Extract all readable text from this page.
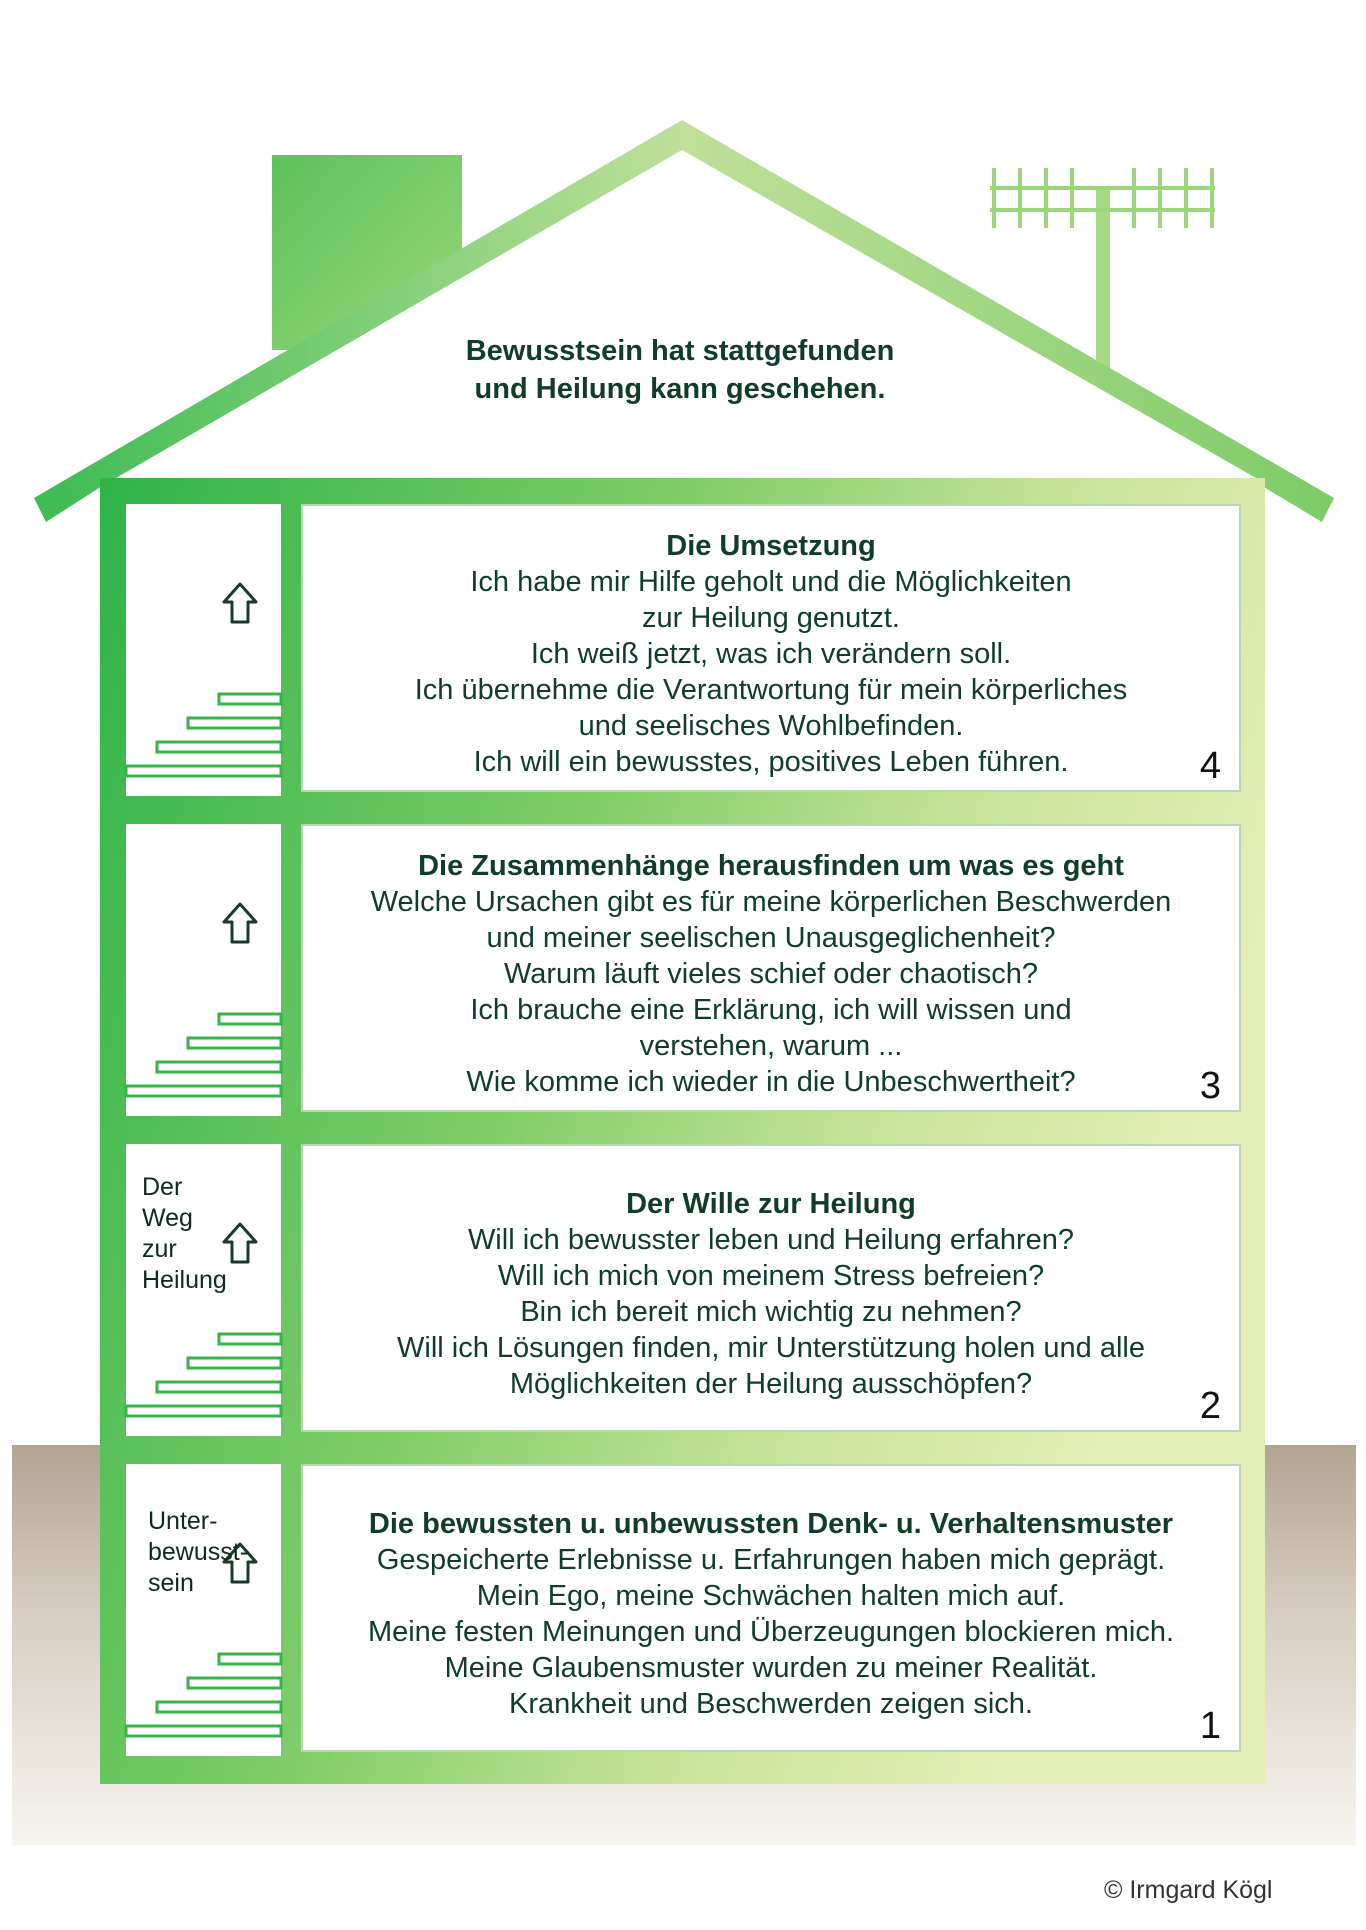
Bewusstsein hat stattgefunden
und Heilung kann geschehen.
Die Umsetzung
Ich habe mir Hilfe geholt und die Möglichkeiten
zur Heilung genutzt.
Ich weiß jetzt, was ich verändern soll.
Ich übernehme die Verantwortung für mein körperliches
und seelisches Wohlbefinden.
Ich will ein bewusstes, positives Leben führen.	4
Die Zusammenhänge herausfinden um was es geht
Welche Ursachen gibt es für meine körperlichen Beschwerden
und meiner seelischen Unausgeglichenheit?
Warum läuft vieles schief oder chaotisch?
Ich brauche eine Erklärung, ich will wissen und
verstehen, warum ...
Wie komme ich wieder in die Unbeschwertheit?	3
Der Wille zur Heilung
Will ich bewusster leben und Heilung erfahren?
Will ich mich von meinem Stress befreien?
Bin ich bereit mich wichtig zu nehmen?
Will ich Lösungen finden, mir Unterstützung holen und alle
Möglichkeiten der Heilung ausschöpfen?
2
Die bewussten u. unbewussten Denk- u. Verhaltensmuster
Gespeicherte Erlebnisse u. Erfahrungen haben mich geprägt.
Mein Ego, meine Schwächen halten mich auf.
Meine festen Meinungen und Überzeugungen blockieren mich.
Meine Glaubensmuster wurden zu meiner Realität.
Krankheit und Beschwerden zeigen sich.
1
Der
Weg
zur
Heilung
Unter-
bewusst-
sein
© Irmgard Kögl
